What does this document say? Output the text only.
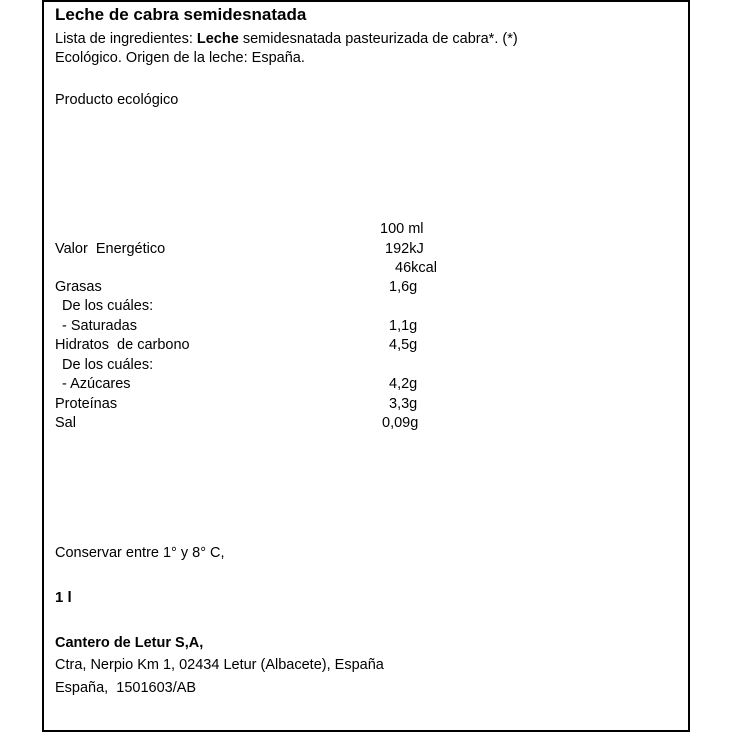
Leche de cabra semidesnatada
Lista de ingredientes: Leche semidesnatada pasteurizada de cabra*. (*)
Ecológico. Origen de la leche: España.
Producto ecológico
100 ml
Valor  Energético	192kJ
46kcal
Grasas	1,6g
De los cuáles:
- Saturadas	1,1g
Hidratos  de carbono	4,5g
De los cuáles:
- Azúcares	4,2g
Proteínas	3,3g
Sal	0,09g
Conservar entre 1° y 8° C,
1 l
Cantero de Letur S,A,
Ctra, Nerpio Km 1, 02434 Letur (Albacete), España
España,  1501603/AB
